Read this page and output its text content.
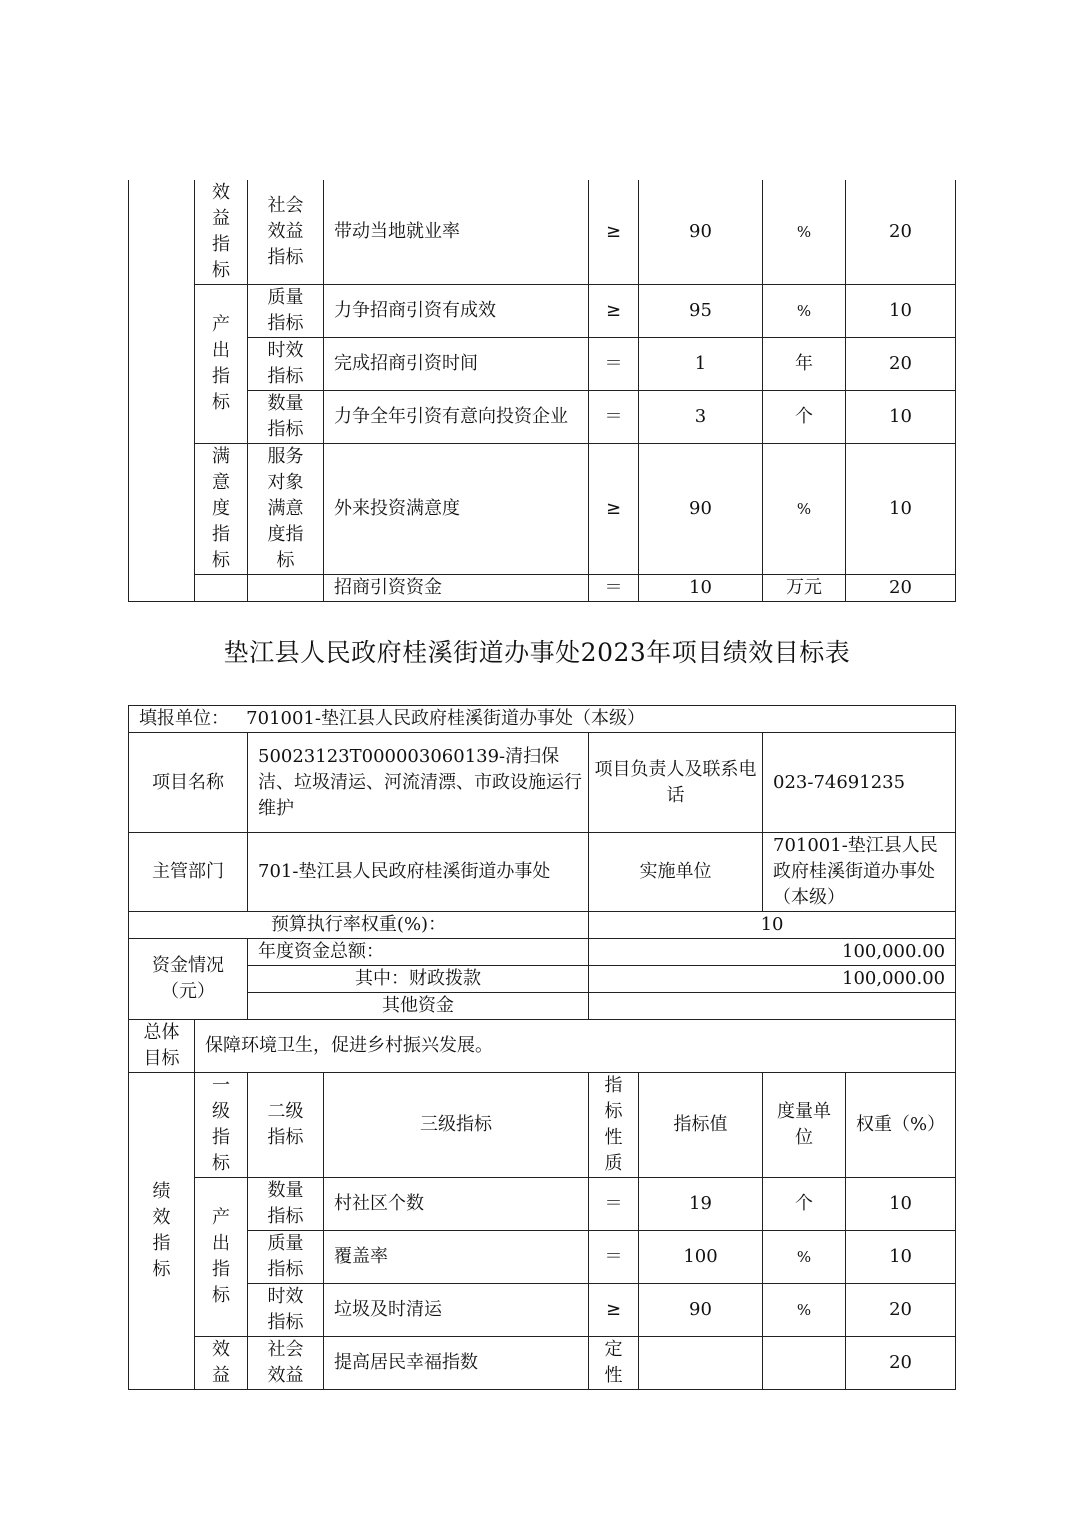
	效益指标	社会效益指标	带动当地就业率	≥	90	%	20
	产出指标	质量指标	力争招商引资有成效	≥	95	%	10
		时效指标	完成招商引资时间	＝	1	年	20
		数量指标	力争全年引资有意向投资企业	＝	3	个	10
	满意度指标	服务对象满意度指标	外来投资满意度	≥	90	%	10
			招商引资资金	＝	10	万元	20
垫江县人民政府桂溪街道办事处2023年项目绩效目标表
填报单位： 701001-垫江县人民政府桂溪街道办事处（本级）							
项目名称		50023123T000003060139-清扫保洁、垃圾清运、河流清漂、市政设施运行维护		项目负责人及联系电话		023-74691235	
主管部门		701-垫江县人民政府桂溪街道办事处		实施单位		701001-垫江县人民政府桂溪街道办事处（本级）	
预算执行率权重(%)：				10			
资金情况（元）		年度资金总额：		100,000.00			
		其中：财政拨款		100,000.00			
		其他资金					
总体目标	保障环境卫生，促进乡村振兴发展。						
绩效指标	一级指标	二级指标	三级指标	指标性质	指标值	度量单位	权重（%）
	产出指标	数量指标	村社区个数	＝	19	个	10
		质量指标	覆盖率	＝	100	%	10
		时效指标	垃圾及时清运	≥	90	%	20
	效益	社会效益	提高居民幸福指数	定性			20
